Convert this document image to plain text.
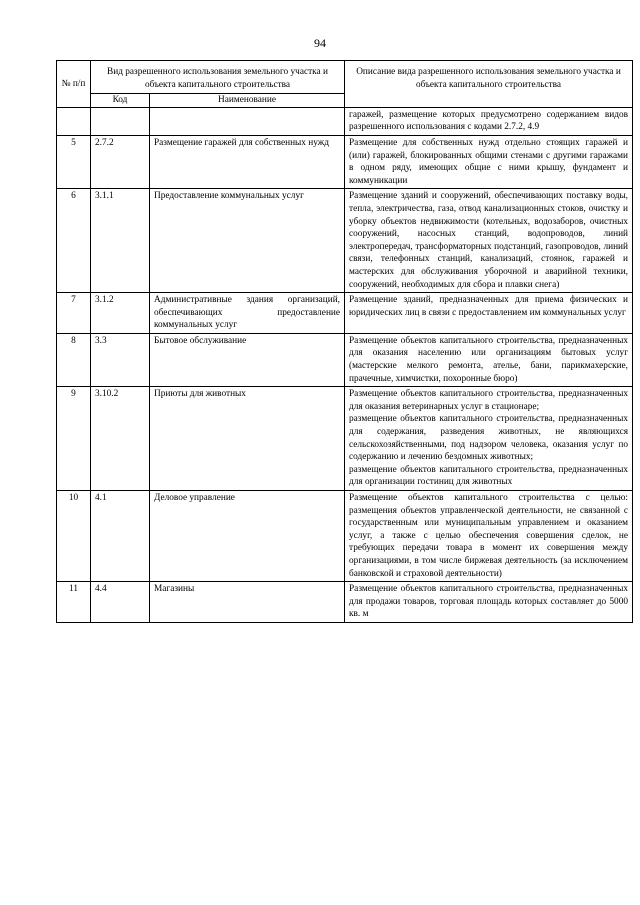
94
№ п/п	Вид разрешенного использования земельного участка и объекта капитального строительства		Описание вида разрешенного использования земельного участка и объекта капитального строительства
	Код	Наименование	
			гаражей, размещение которых предусмотрено содержанием видов разрешенного использования с кодами 2.7.2, 4.9
5	2.7.2	Размещение гаражей для собственных нужд	Размещение для собственных нужд отдельно стоящих гаражей и (или) гаражей, блокированных общими стенами с другими гаражами в одном ряду, имеющих общие с ними крышу, фундамент и коммуникации

6	3.1.1	Предоставление коммунальных услуг	Размещение зданий и сооружений, обеспечивающих поставку воды, тепла, электричества, газа, отвод канализационных стоков, очистку и уборку объектов недвижимости (котельных, водозаборов, очистных сооружений, насосных станций, водопроводов, линий электропередач, трансформаторных подстанций, газопроводов, линий связи, телефонных станций, канализаций, стоянок, гаражей и мастерских для обслуживания уборочной и аварийной техники, сооружений, необходимых для сбора и плавки снега)

7	3.1.2	Административные здания организаций, обеспечивающих предоставление коммунальных услуг	Размещение зданий, предназначенных для приема физических и юридических лиц в связи с предоставлением им коммунальных услуг

8	3.3	Бытовое обслуживание	Размещение объектов капитального строительства, предназначенных для оказания населению или организациям бытовых услуг (мастерские мелкого ремонта, ателье, бани, парикмахерские, прачечные, химчистки, похоронные бюро)

9	3.10.2	Приюты для животных	Размещение объектов капитального строительства, предназначенных для оказания ветеринарных услуг в стационаре;

размещение объектов капитального строительства, предназначенных для содержания, разведения животных, не являющихся сельскохозяйственными, под надзором человека, оказания услуг по содержанию и лечению бездомных животных;

размещение объектов капитального строительства, предназначенных для организации гостиниц для животных

10	4.1	Деловое управление	Размещение объектов капитального строительства с целью: размещения объектов управленческой деятельности, не связанной с государственным или муниципальным управлением и оказанием услуг, а также с целью обеспечения совершения сделок, не требующих передачи товара в момент их совершения между организациями, в том числе биржевая деятельность (за исключением банковской и страховой деятельности)

11	4.4	Магазины	Размещение объектов капитального строительства, предназначенных для продажи товаров, торговая площадь которых составляет до 5000 кв. м
